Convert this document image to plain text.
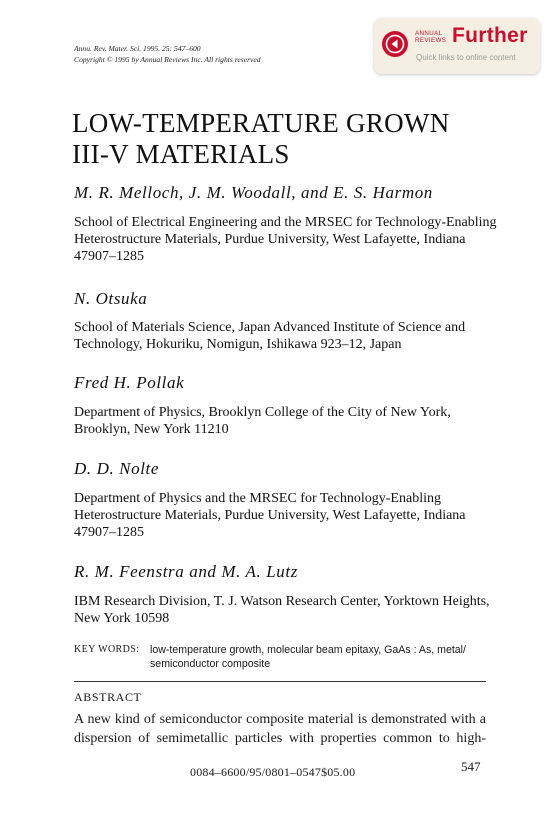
Annu. Rev. Mater. Sci. 1995. 25: 547–600
Copyright © 1995 by Annual Reviews Inc. All rights reserved
ANNUAL REVIEWS Further
Quick links to online content
LOW-TEMPERATURE GROWN
III-V MATERIALS
M. R. Melloch, J. M. Woodall, and E. S. Harmon
School of Electrical Engineering and the MRSEC for Technology-Enabling Heterostructure Materials, Purdue University, West Lafayette, Indiana 47907–1285
N. Otsuka
School of Materials Science, Japan Advanced Institute of Science and Technology, Hokuriku, Nomigun, Ishikawa 923–12, Japan
Fred H. Pollak
Department of Physics, Brooklyn College of the City of New York, Brooklyn, New York 11210
D. D. Nolte
Department of Physics and the MRSEC for Technology-Enabling Heterostructure Materials, Purdue University, West Lafayette, Indiana 47907–1285
R. M. Feenstra and M. A. Lutz
IBM Research Division, T. J. Watson Research Center, Yorktown Heights, New York 10598
KEY WORDS: low-temperature growth, molecular beam epitaxy, GaAs : As, metal/ semiconductor composite
ABSTRACT
A new kind of semiconductor composite material is demonstrated with a
dispersion of semimetallic particles with properties common to high-
0084–6600/95/0801–0547$05.00	547
